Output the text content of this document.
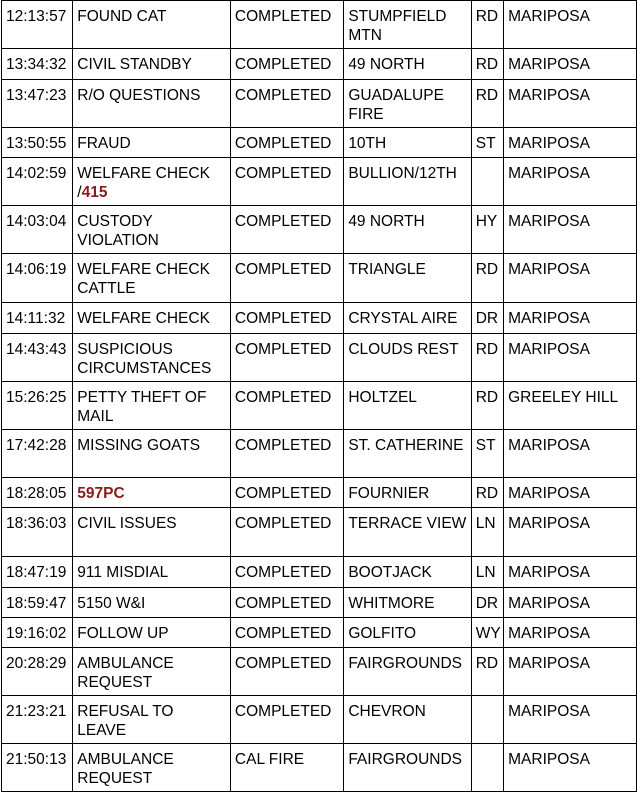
12:13:57	FOUND CAT	COMPLETED	STUMPFIELD MTN	RD	MARIPOSA
13:34:32	CIVIL STANDBY	COMPLETED	49 NORTH	RD	MARIPOSA
13:47:23	R/O QUESTIONS	COMPLETED	GUADALUPE FIRE	RD	MARIPOSA
13:50:55	FRAUD	COMPLETED	10TH	ST	MARIPOSA
14:02:59	WELFARE CHECK /415	COMPLETED	BULLION/12TH		MARIPOSA
14:03:04	CUSTODY VIOLATION	COMPLETED	49 NORTH	HY	MARIPOSA
14:06:19	WELFARE CHECK CATTLE	COMPLETED	TRIANGLE	RD	MARIPOSA
14:11:32	WELFARE CHECK	COMPLETED	CRYSTAL AIRE	DR	MARIPOSA
14:43:43	SUSPICIOUS CIRCUMSTANCES	COMPLETED	CLOUDS REST	RD	MARIPOSA
15:26:25	PETTY THEFT OF MAIL	COMPLETED	HOLTZEL	RD	GREELEY HILL
17:42:28	MISSING GOATS	COMPLETED	ST. CATHERINE	ST	MARIPOSA
18:28:05	597PC	COMPLETED	FOURNIER	RD	MARIPOSA
18:36:03	CIVIL ISSUES	COMPLETED	TERRACE VIEW	LN	MARIPOSA
18:47:19	911 MISDIAL	COMPLETED	BOOTJACK	LN	MARIPOSA
18:59:47	5150 W&I	COMPLETED	WHITMORE	DR	MARIPOSA
19:16:02	FOLLOW UP	COMPLETED	GOLFITO	WY	MARIPOSA
20:28:29	AMBULANCE REQUEST	COMPLETED	FAIRGROUNDS	RD	MARIPOSA
21:23:21	REFUSAL TO LEAVE	COMPLETED	CHEVRON		MARIPOSA
21:50:13	AMBULANCE REQUEST	CAL FIRE	FAIRGROUNDS		MARIPOSA
